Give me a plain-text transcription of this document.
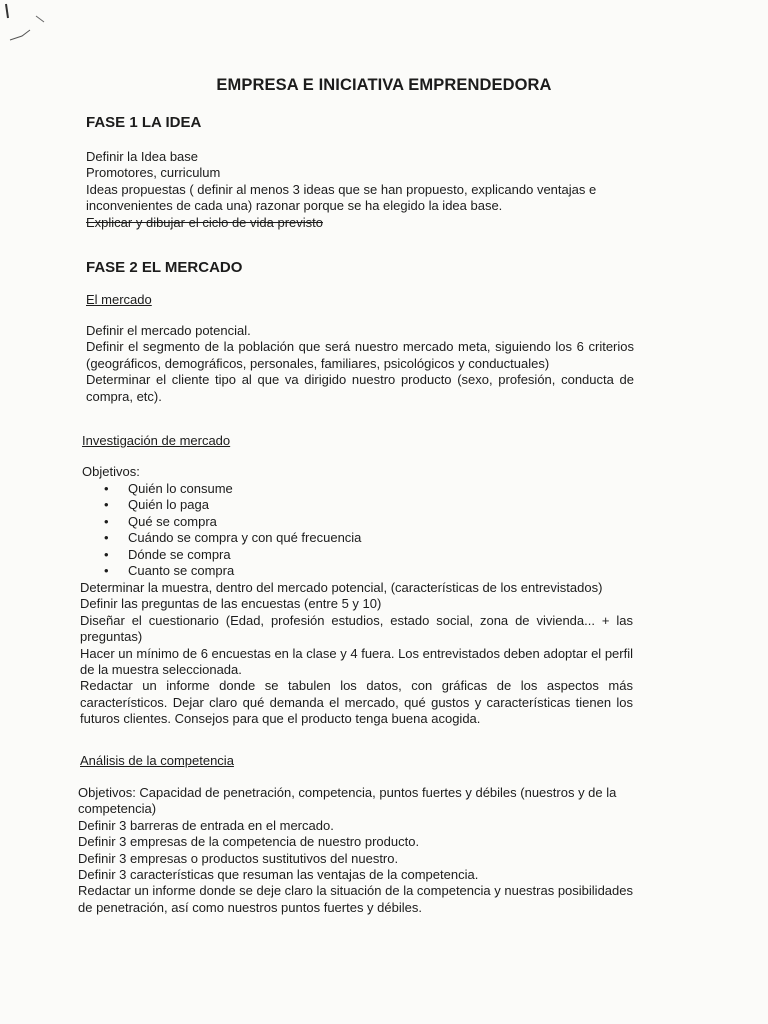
EMPRESA E INICIATIVA EMPRENDEDORA
FASE 1 LA IDEA

Definir la Idea base

Promotores, curriculum

Ideas propuestas ( definir al menos 3 ideas que se han propuesto, explicando ventajas e inconvenientes de cada una) razonar porque se ha elegido la idea base.

Explicar y dibujar el ciclo de vida previsto

FASE 2 EL MERCADO
El mercado

Definir el mercado potencial.

Definir el segmento de la población que será nuestro mercado meta, siguiendo los 6 criterios (geográficos, demográficos, personales, familiares, psicológicos y conductuales)

Determinar el cliente tipo al que va dirigido nuestro producto (sexo, profesión, conducta de compra, etc).

Investigación de mercado
Objetivos:
• Quién lo consume
• Quién lo paga
• Qué se compra
• Cuándo se compra y con qué frecuencia
• Dónde se compra
• Cuanto se compra

Determinar la muestra, dentro del mercado potencial, (características de los entrevistados)

Definir las preguntas de las encuestas (entre 5 y 10)

Diseñar el cuestionario (Edad, profesión estudios, estado social, zona de vivienda... + las preguntas)

Hacer un mínimo de 6 encuestas en la clase y 4 fuera. Los entrevistados deben adoptar el perfil de la muestra seleccionada.

Redactar un informe donde se tabulen los datos, con gráficas de los aspectos más característicos. Dejar claro qué demanda el mercado, qué gustos y características tienen los futuros clientes. Consejos para que el producto tenga buena acogida.

Análisis de la competencia

Objetivos: Capacidad de penetración, competencia, puntos fuertes y débiles (nuestros y de la competencia)

Definir 3 barreras de entrada en el mercado.

Definir 3 empresas de la competencia de nuestro producto.

Definir 3 empresas o productos sustitutivos del nuestro.

Definir 3 características que resuman las ventajas de la competencia.

Redactar un informe donde se deje claro la situación de la competencia y nuestras posibilidades de penetración, así como nuestros puntos fuertes y débiles.
